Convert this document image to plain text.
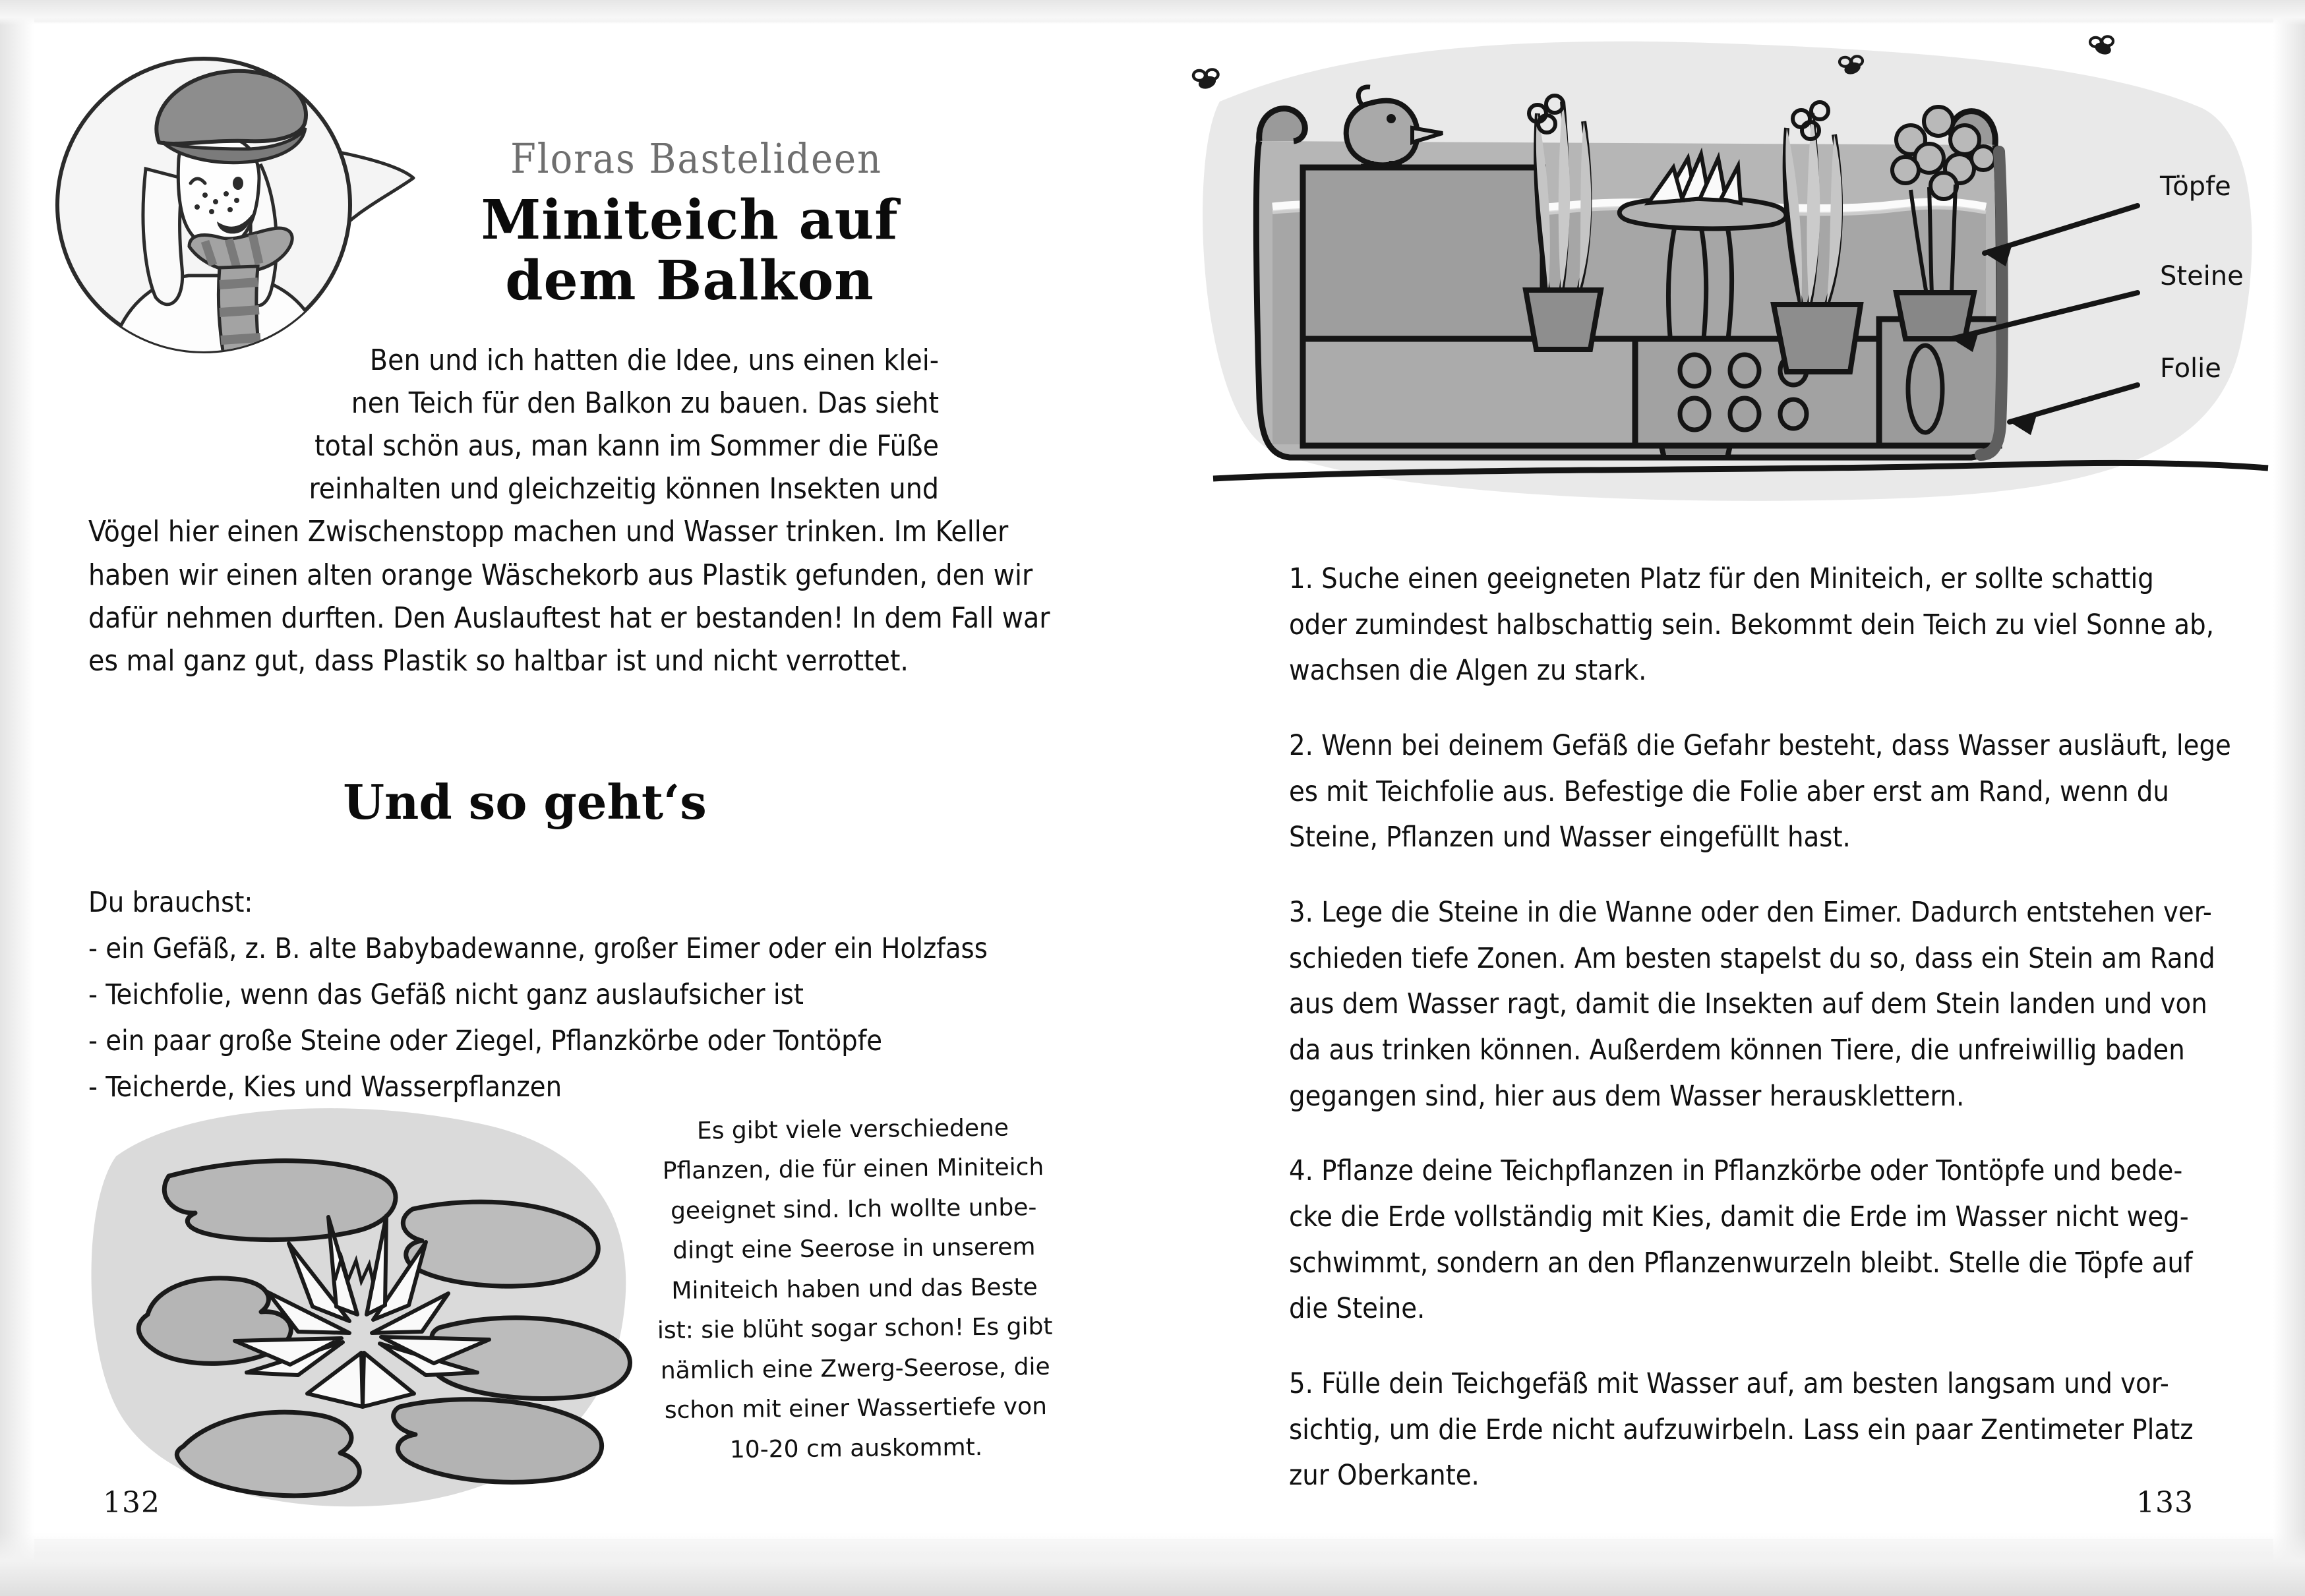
Floras Bastelideen
Miniteich auf
dem Balkon
Ben und ich hatten die Idee, uns einen klei-
nen Teich für den Balkon zu bauen. Das sieht
total schön aus, man kann im Sommer die Füße
reinhalten und gleichzeitig können Insekten und
Vögel hier einen Zwischenstopp machen und Wasser trinken. Im Keller
haben wir einen alten orange Wäschekorb aus Plastik gefunden, den wir
dafür nehmen durften. Den Auslauftest hat er bestanden! In dem Fall war
es mal ganz gut, dass Plastik so haltbar ist und nicht verrottet.
Und so geht‘s
Du brauchst:
- ein Gefäß, z. B. alte Babybadewanne, großer Eimer oder ein Holzfass
- Teichfolie, wenn das Gefäß nicht ganz auslaufsicher ist
- ein paar große Steine oder Ziegel, Pflanzkörbe oder Tontöpfe
- Teicherde, Kies und Wasserpflanzen
Es gibt viele verschiedene
Pflanzen, die für einen Miniteich
geeignet sind. Ich wollte unbe-
dingt eine Seerose in unserem
Miniteich haben und das Beste
ist: sie blüht sogar schon! Es gibt
nämlich eine Zwerg-Seerose, die
schon mit einer Wassertiefe von
10-20 cm auskommt.
132
Töpfe
Steine
Folie
1. Suche einen geeigneten Platz für den Miniteich, er sollte schattig
oder zumindest halbschattig sein. Bekommt dein Teich zu viel Sonne ab,
wachsen die Algen zu stark.
2. Wenn bei deinem Gefäß die Gefahr besteht, dass Wasser ausläuft, lege
es mit Teichfolie aus. Befestige die Folie aber erst am Rand, wenn du
Steine, Pflanzen und Wasser eingefüllt hast.
3. Lege die Steine in die Wanne oder den Eimer. Dadurch entstehen ver-
schieden tiefe Zonen. Am besten stapelst du so, dass ein Stein am Rand
aus dem Wasser ragt, damit die Insekten auf dem Stein landen und von
da aus trinken können. Außerdem können Tiere, die unfreiwillig baden
gegangen sind, hier aus dem Wasser herausklettern.
4. Pflanze deine Teichpflanzen in Pflanzkörbe oder Tontöpfe und bede-
cke die Erde vollständig mit Kies, damit die Erde im Wasser nicht weg-
schwimmt, sondern an den Pflanzenwurzeln bleibt. Stelle die Töpfe auf
die Steine.
5. Fülle dein Teichgefäß mit Wasser auf, am besten langsam und vor-
sichtig, um die Erde nicht aufzuwirbeln. Lass ein paar Zentimeter Platz
zur Oberkante.
133
